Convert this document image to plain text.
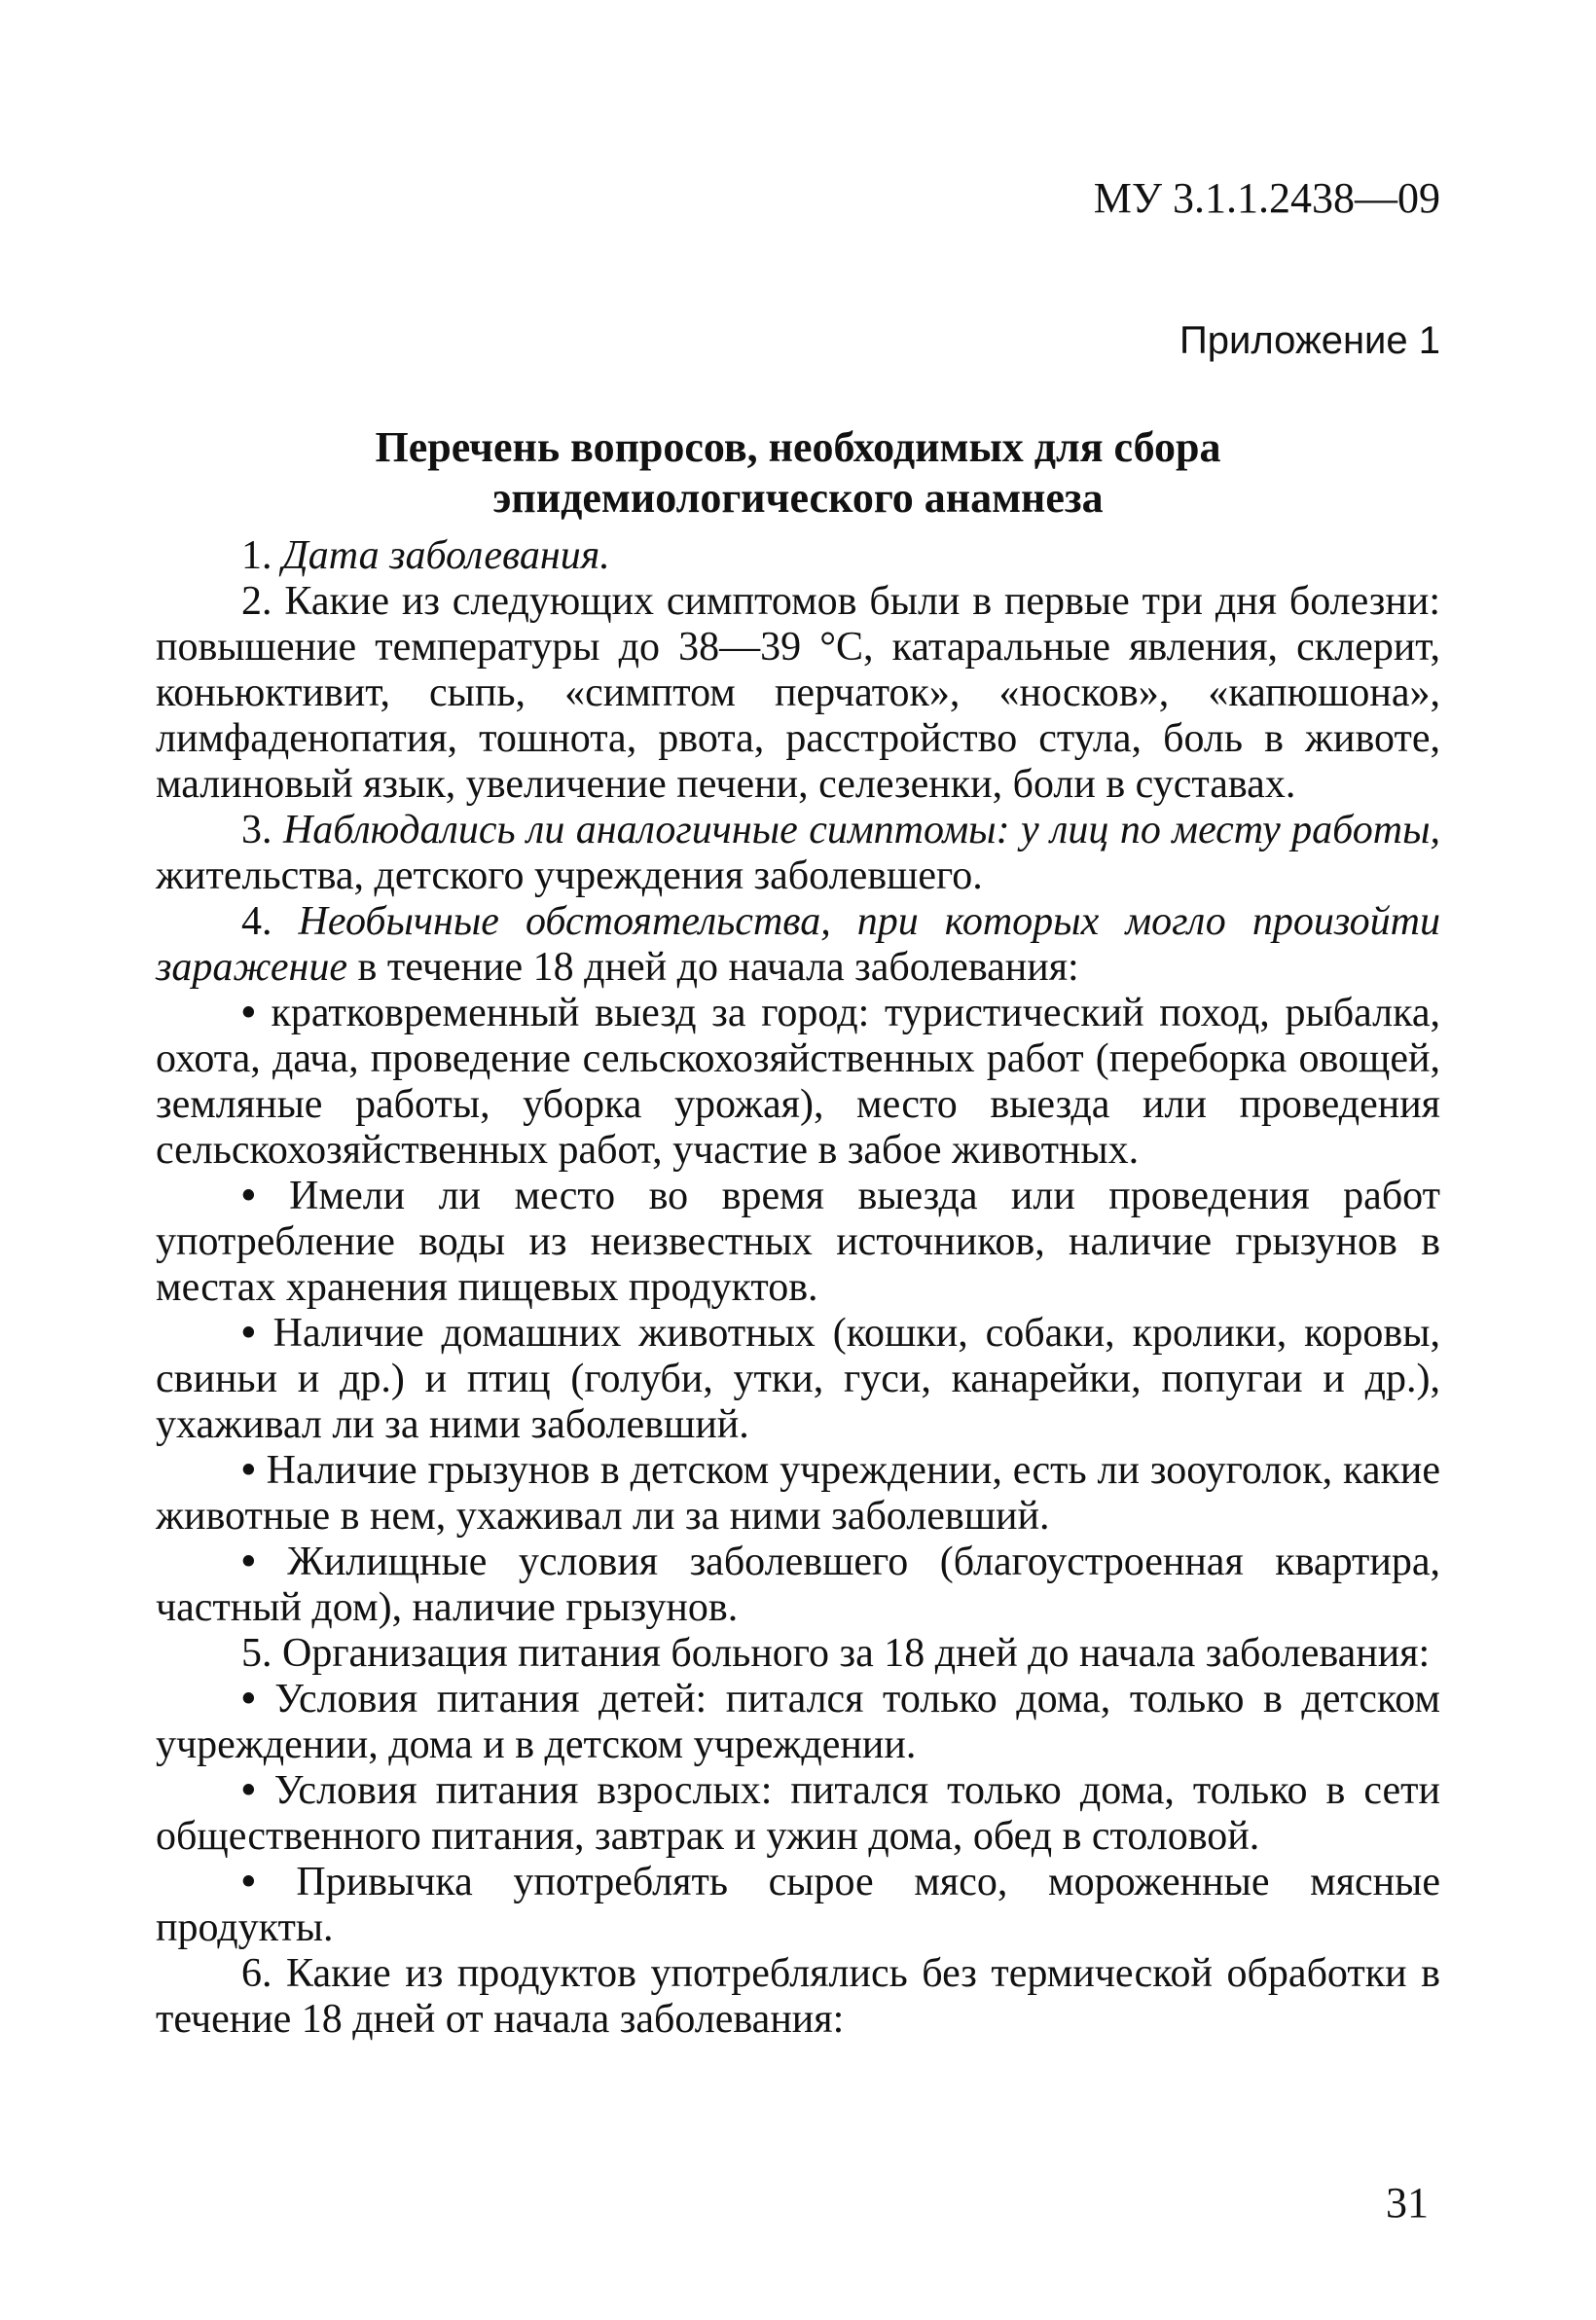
МУ 3.1.1.2438—09

Приложение 1

Перечень вопросов, необходимых для сбора
эпидемиологического анамнеза

1. Дата заболевания.

2. Какие из следующих симптомов были в первые три дня болезни: повышение температуры до 38—39 °С, катаральные явления, склерит, коньюктивит, сыпь, «симптом перчаток», «носков», «капюшона», лимфаденопатия, тошнота, рвота, расстройство стула, боль в животе, малиновый язык, увеличение печени, селезенки, боли в суставах.

3. Наблюдались ли аналогичные симптомы: у лиц по месту работы, жительства, детского учреждения заболевшего.

4. Необычные обстоятельства, при которых могло произойти заражение в течение 18 дней до начала заболевания:

• кратковременный выезд за город: туристический поход, рыбалка, охота, дача, проведение сельскохозяйственных работ (переборка овощей, земляные работы, уборка урожая), место выезда или проведения сельскохозяйственных работ, участие в забое животных.

• Имели ли место во время выезда или проведения работ употребление воды из неизвестных источников, наличие грызунов в местах хранения пищевых продуктов.

• Наличие домашних животных (кошки, собаки, кролики, коровы, свиньи и др.) и птиц (голуби, утки, гуси, канарейки, попугаи и др.), ухаживал ли за ними заболевший.

• Наличие грызунов в детском учреждении, есть ли зооуголок, какие животные в нем, ухаживал ли за ними заболевший.

• Жилищные условия заболевшего (благоустроенная квартира, частный дом), наличие грызунов.

5. Организация питания больного за 18 дней до начала заболевания:

• Условия питания детей: питался только дома, только в детском учреждении, дома и в детском учреждении.

• Условия питания взрослых: питался только дома, только в сети общественного питания, завтрак и ужин дома, обед в столовой.

• Привычка употреблять сырое мясо, мороженные мясные продукты.

6. Какие из продуктов употреблялись без термической обработки в течение 18 дней от начала заболевания:

31
